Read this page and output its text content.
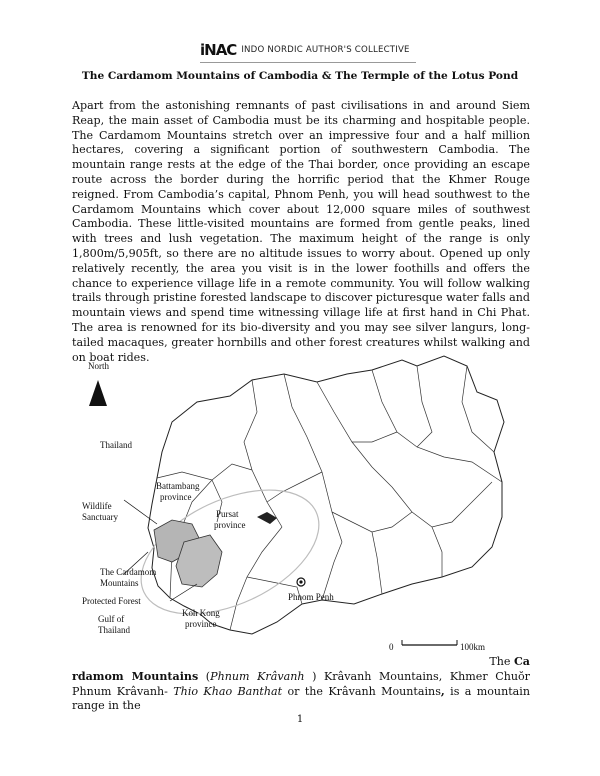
iNAC INDO NORDIC AUTHOR'S COLLECTIVE
The Cardamom Mountains of Cambodia & The Termple of the Lotus Pond

Apart from the astonishing remnants of past civilisations in and around Siem Reap, the main asset of Cambodia must be its charming and hospitable people. The Cardamom Mountains stretch over an impressive four and a half million hectares, covering a significant portion of southwestern Cambodia. The mountain range rests at the edge of the Thai border, once providing an escape route across the border during the horrific period that the Khmer Rouge reigned. From Cambodia’s capital, Phnom Penh, you will head southwest to the Cardamom Mountains which cover about 12,000 square miles of southwest Cambodia. These little-visited mountains are formed from gentle peaks, lined with trees and lush vegetation. The maximum height of the range is only 1,800m/5,905ft, so there are no altitude issues to worry about. Opened up only relatively recently, the area you visit is in the lower foothills and offers the chance to experience village life in a remote community. You will follow walking trails through pristine forested landscape to discover picturesque water falls and mountain views and spend time witnessing village life at first hand in Chi Phat. The area is renowned for its bio-diversity and you may see silver langurs, long-tailed macaques, greater hornbills and other forest creatures whilst walking and on boat rides.

North
Thailand
Battambang
province
Wildlife
Sanctuary	Pursat
province
The Cardamom
Mountains
Protected Forest
Gulf of
Thailand
Koh Kong
province
Phnom Penh
0	100km
The Ca
rdamom Mountains (Phnum Krâvanh ) Krâvanh Mountains, Khmer Chuŏr Phnum Krâvanh- Thio Khao Banthat or the Krâvanh Mountains, is a mountain range in the
1
